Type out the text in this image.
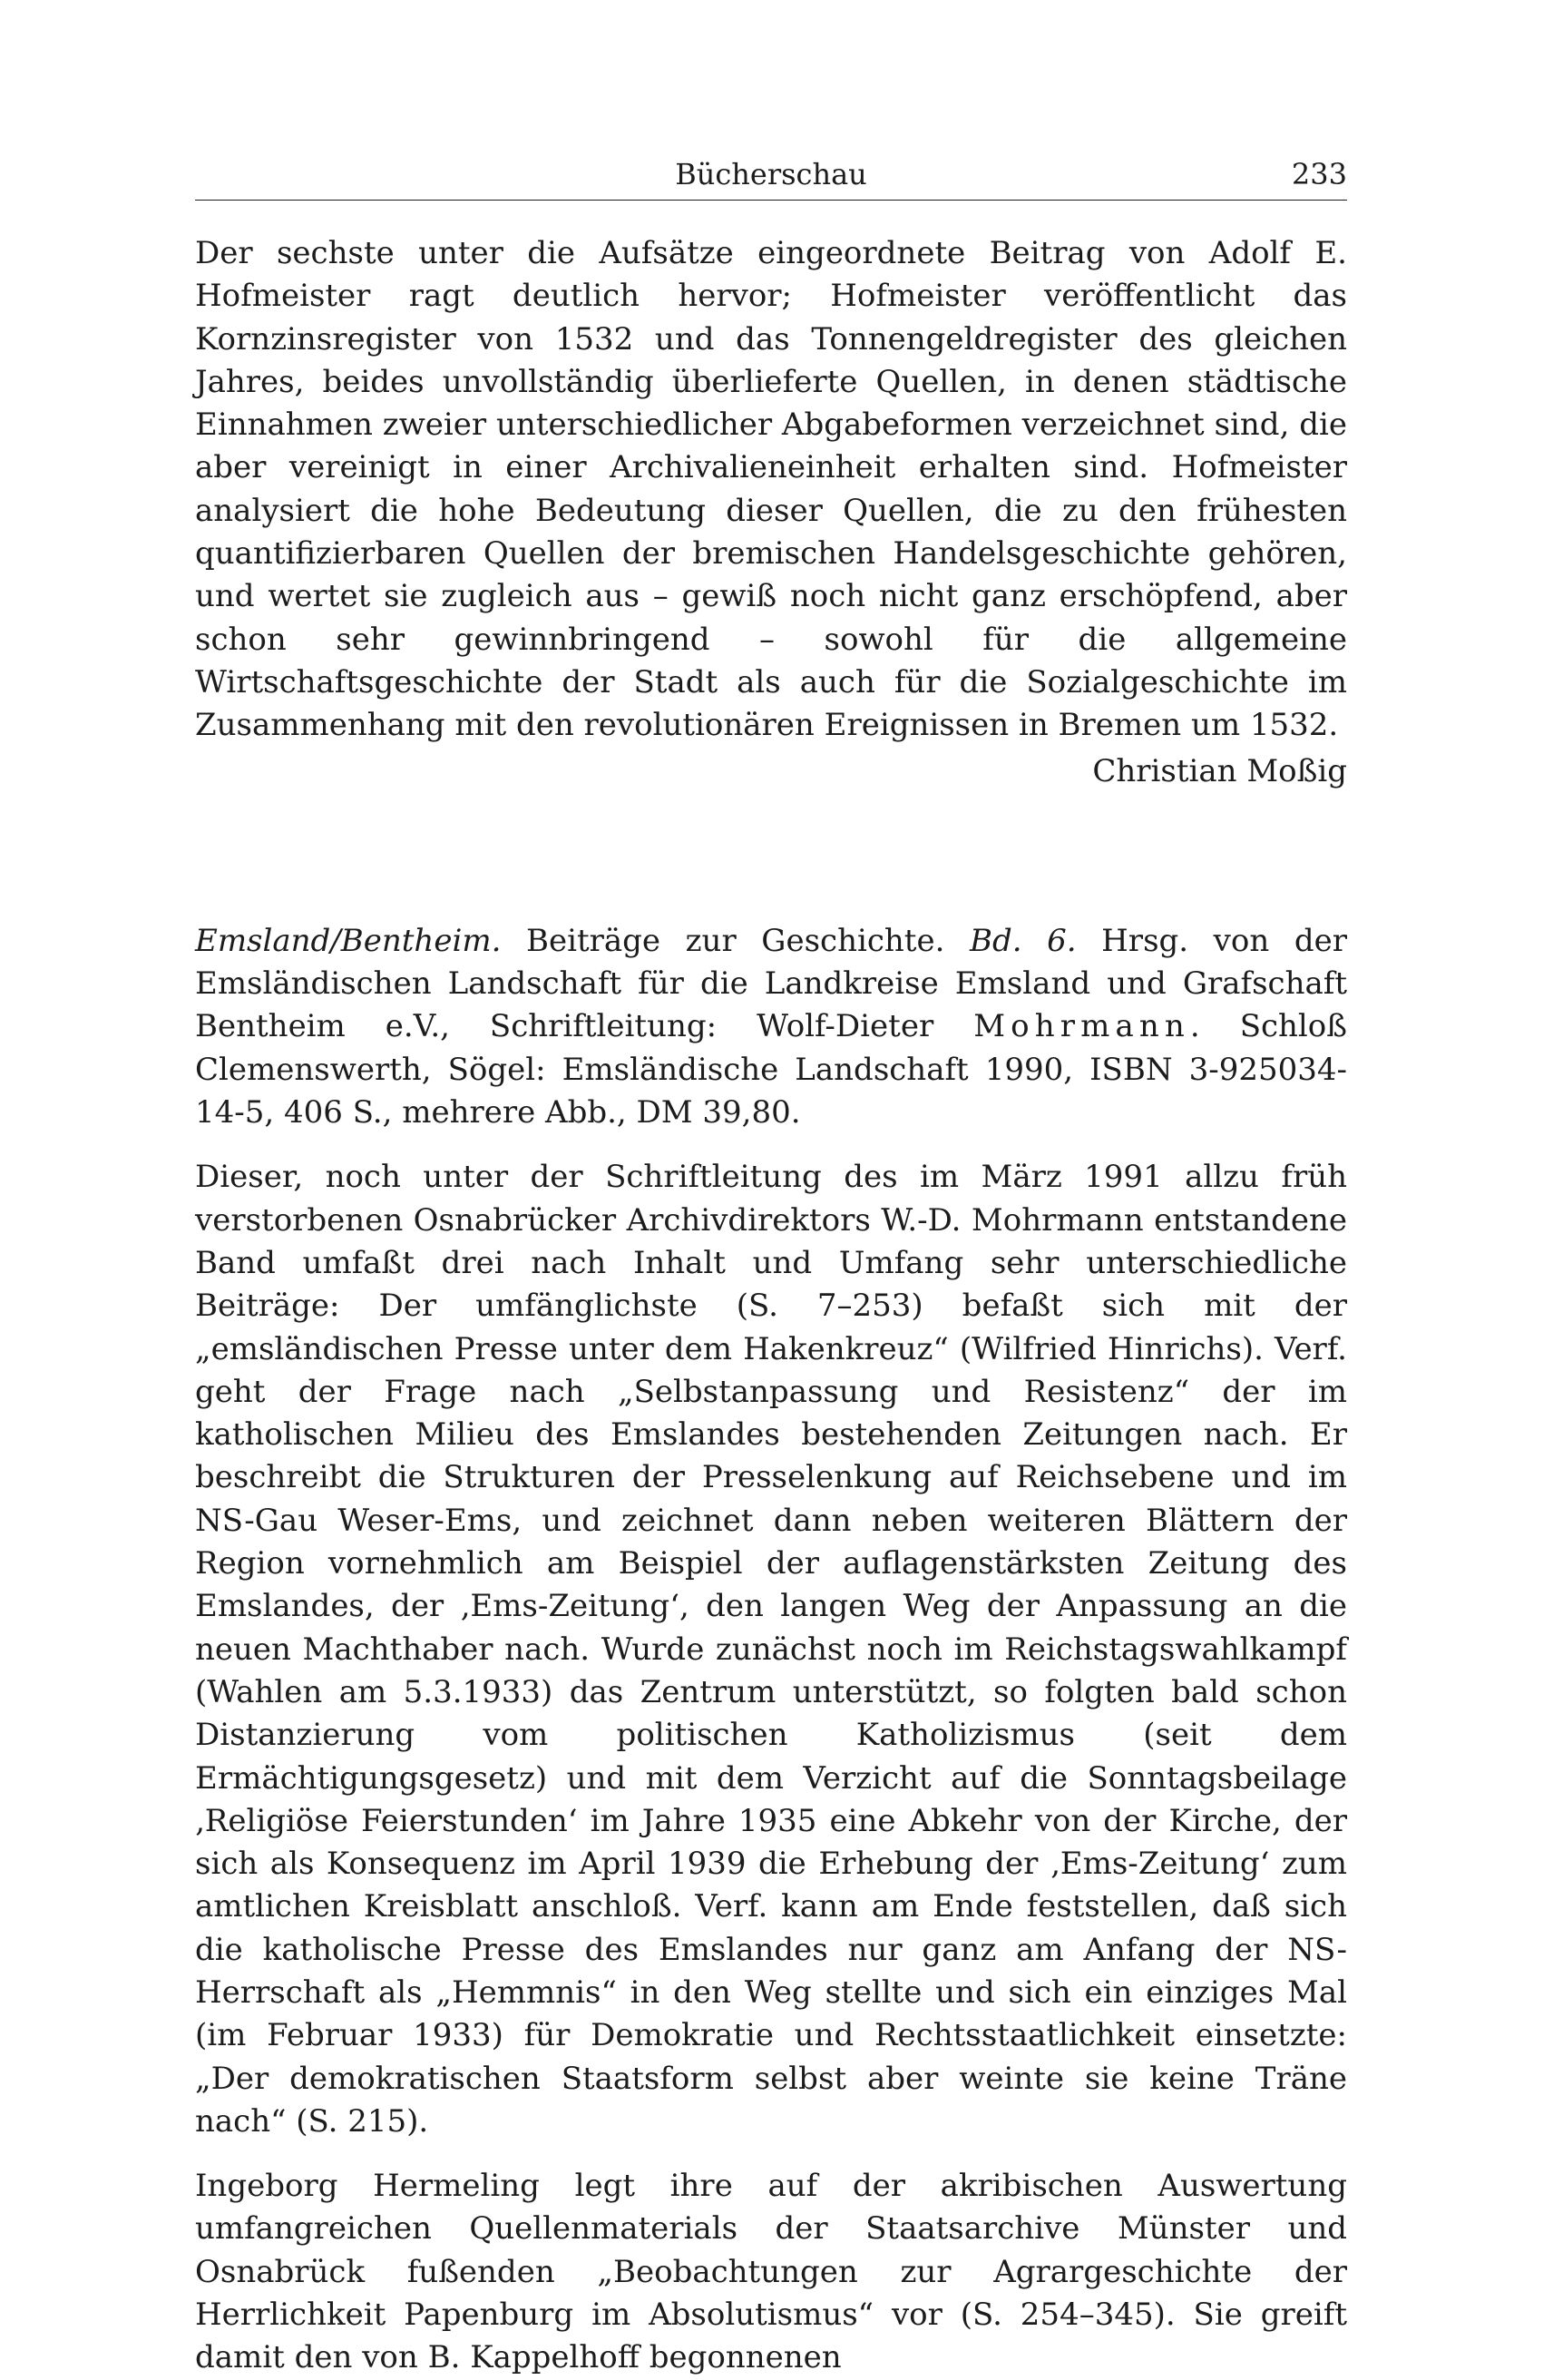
Bücherschau	233

Der sechste unter die Aufsätze eingeordnete Beitrag von Adolf E. Hofmeister ragt deutlich hervor; Hofmeister veröffentlicht das Kornzinsregister von 1532 und das Tonnengeldregister des gleichen Jahres, beides unvollständig überlieferte Quellen, in denen städtische Einnahmen zweier unterschiedlicher Abgabeformen verzeichnet sind, die aber vereinigt in einer Archivalieneinheit erhalten sind. Hofmeister analysiert die hohe Bedeutung dieser Quellen, die zu den frühesten quantifizierbaren Quellen der bremischen Handelsgeschichte gehören, und wertet sie zugleich aus – gewiß noch nicht ganz erschöpfend, aber schon sehr gewinnbringend – sowohl für die allgemeine Wirtschaftsgeschichte der Stadt als auch für die Sozialgeschichte im Zusammenhang mit den revolutionären Ereignissen in Bremen um 1532.

Christian Moßig

Emsland/Bentheim. Beiträge zur Geschichte. Bd. 6. Hrsg. von der Emsländischen Landschaft für die Landkreise Emsland und Grafschaft Bentheim e.V., Schriftleitung: Wolf-Dieter Mohrmann. Schloß Clemenswerth, Sögel: Emsländische Landschaft 1990, ISBN 3-925034-14-5, 406 S., mehrere Abb., DM 39,80.

Dieser, noch unter der Schriftleitung des im März 1991 allzu früh verstorbenen Osnabrücker Archivdirektors W.-D. Mohrmann entstandene Band umfaßt drei nach Inhalt und Umfang sehr unterschiedliche Beiträge: Der umfänglichste (S. 7–253) befaßt sich mit der „emsländischen Presse unter dem Hakenkreuz“ (Wilfried Hinrichs). Verf. geht der Frage nach „Selbstanpassung und Resistenz“ der im katholischen Milieu des Emslandes bestehenden Zeitungen nach. Er beschreibt die Strukturen der Presselenkung auf Reichsebene und im NS-Gau Weser-Ems, und zeichnet dann neben weiteren Blättern der Region vornehmlich am Beispiel der auflagenstärksten Zeitung des Emslandes, der ‚Ems-Zeitung‘, den langen Weg der Anpassung an die neuen Machthaber nach. Wurde zunächst noch im Reichstagswahlkampf (Wahlen am 5.3.1933) das Zentrum unterstützt, so folgten bald schon Distanzierung vom politischen Katholizismus (seit dem Ermächtigungsgesetz) und mit dem Verzicht auf die Sonntagsbeilage ‚Religiöse Feierstunden‘ im Jahre 1935 eine Abkehr von der Kirche, der sich als Konsequenz im April 1939 die Erhebung der ‚Ems-Zeitung‘ zum amtlichen Kreisblatt anschloß. Verf. kann am Ende feststellen, daß sich die katholische Presse des Emslandes nur ganz am Anfang der NS-Herrschaft als „Hemmnis“ in den Weg stellte und sich ein einziges Mal (im Februar 1933) für Demokratie und Rechtsstaatlichkeit einsetzte: „Der demokratischen Staatsform selbst aber weinte sie keine Träne nach“ (S. 215).

Ingeborg Hermeling legt ihre auf der akribischen Auswertung umfangreichen Quellenmaterials der Staatsarchive Münster und Osnabrück fußenden „Beobachtungen zur Agrargeschichte der Herrlichkeit Papenburg im Absolutismus“ vor (S. 254–345). Sie greift damit den von B. Kappelhoff begonnenen
